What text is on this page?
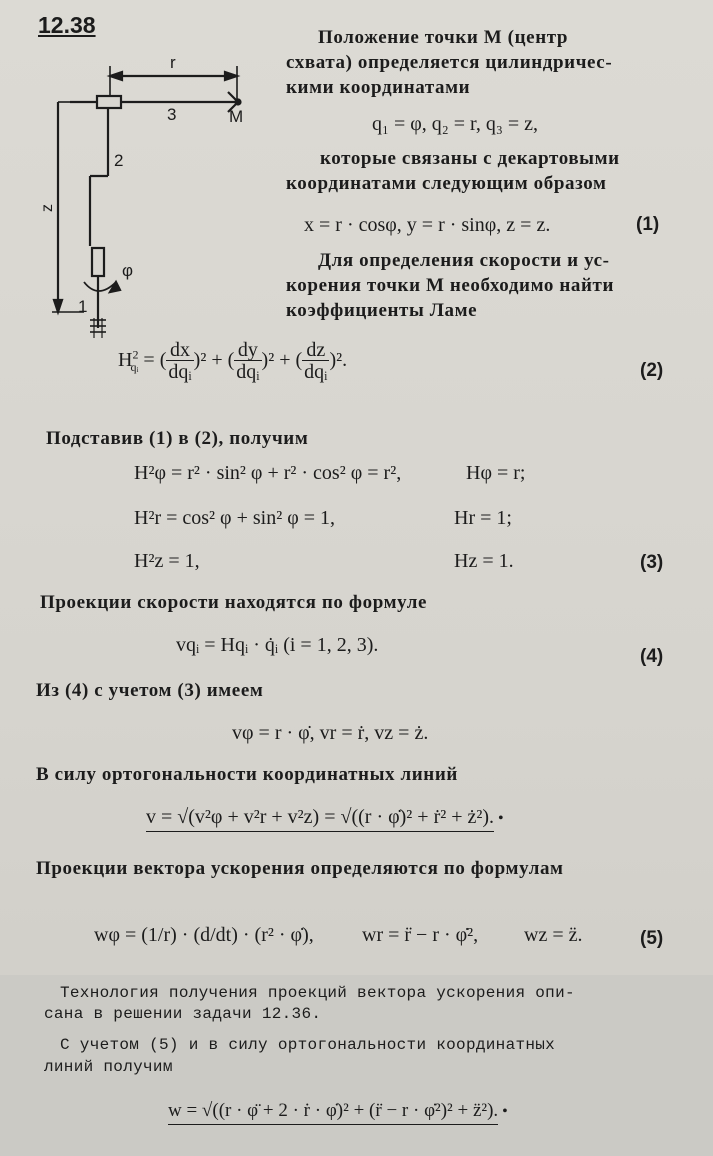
12.38
r
3	M
2
z
φ
1
Положение точки М (центр
схвата) определяется цилиндричес-
кими координатами
q₁ = φ, q₂ = r, q₃ = z,
которые связаны с декартовыми
координатами следующим образом
x = r · cosφ, y = r · sinφ, z = z.	(1)
Для определения скорости и ус-
корения точки М необходимо найти
коэффициенты Ламе
$H^2_{qᵢ}$ = ( $\frac{dx}{\text{dqᵢ}} )^2$ + ( $\frac{dy}{\text{dqᵢ}} )^2$ + ( $\frac{dz}{\text{dqᵢ}} )^2$.	(2)
Подставив (1) в (2), получим
H²φ = r² · sin² φ + r² · cos² φ = r²,	Hφ = r;
H²r = cos² φ + sin² φ = 1,	Hr = 1;
H²z = 1,	Hz = 1.	(3)
Проекции скорости находятся по формуле
vqᵢ = Hqᵢ · q̇ᵢ (i = 1, 2, 3).
(4)
Из (4) с учетом (3) имеем
vφ = r · φ̇, vr = ṙ, vz = ż.
В силу ортогональности координатных линий
v = √(v²φ + v²r + v²z) = √((r · φ̇)² + ṙ² + ż²). •
Проекции вектора ускорения определяются по формулам
wφ = (1/r) · (d/dt) · (r² · φ̇), wr = r̈ − r · φ̇², wz = z̈.	(5)
Технология получения проекций вектора ускорения опи-
сана в решении задачи 12.36.
С учетом (5) и в силу ортогональности координатных
линий получим
w = √((r · φ̈ + 2 · ṙ · φ̇)² + (r̈ − r · φ̇²)² + z̈²). •
